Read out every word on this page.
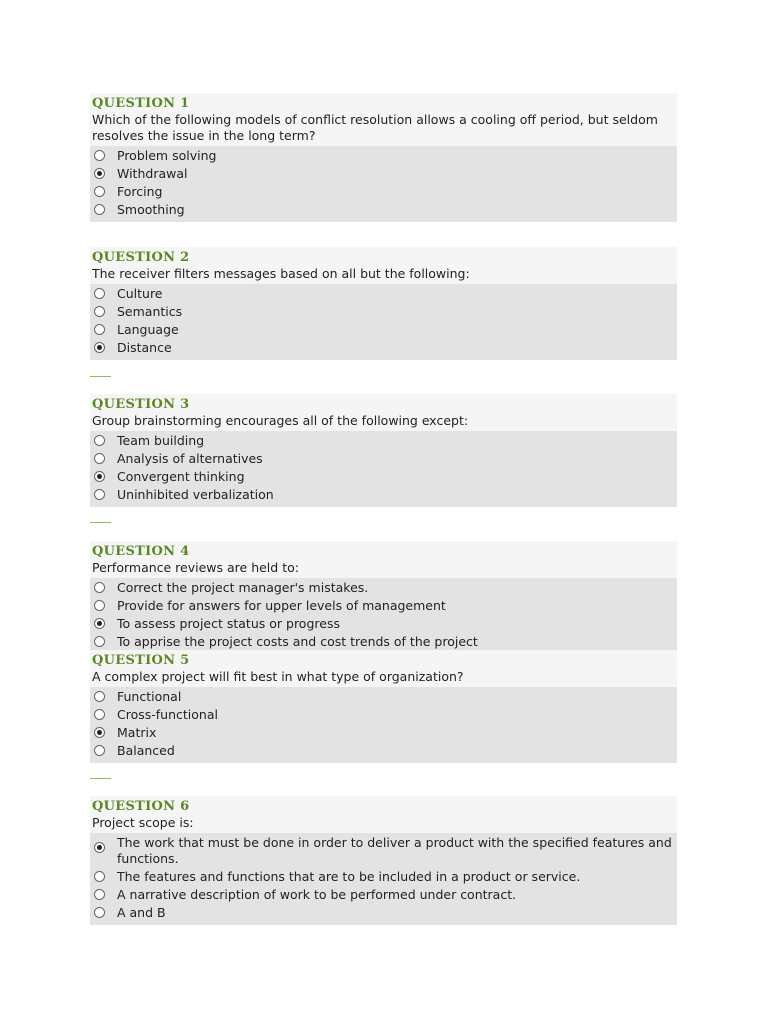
QUESTION 1
Which of the following models of conflict resolution allows a cooling off period, but seldom resolves the issue in the long term?
Problem solving
Withdrawal
Forcing
Smoothing
QUESTION 2
The receiver filters messages based on all but the following:
Culture
Semantics
Language
Distance
QUESTION 3
Group brainstorming encourages all of the following except:
Team building
Analysis of alternatives
Convergent thinking
Uninhibited verbalization
QUESTION 4
Performance reviews are held to:
Correct the project manager's mistakes.
Provide for answers for upper levels of management
To assess project status or progress
To apprise the project costs and cost trends of the project
QUESTION 5
A complex project will fit best in what type of organization?
Functional
Cross-functional
Matrix
Balanced
QUESTION 6
Project scope is:
The work that must be done in order to deliver a product with the specified features and functions.
The features and functions that are to be included in a product or service.
A narrative description of work to be performed under contract.
A and B
